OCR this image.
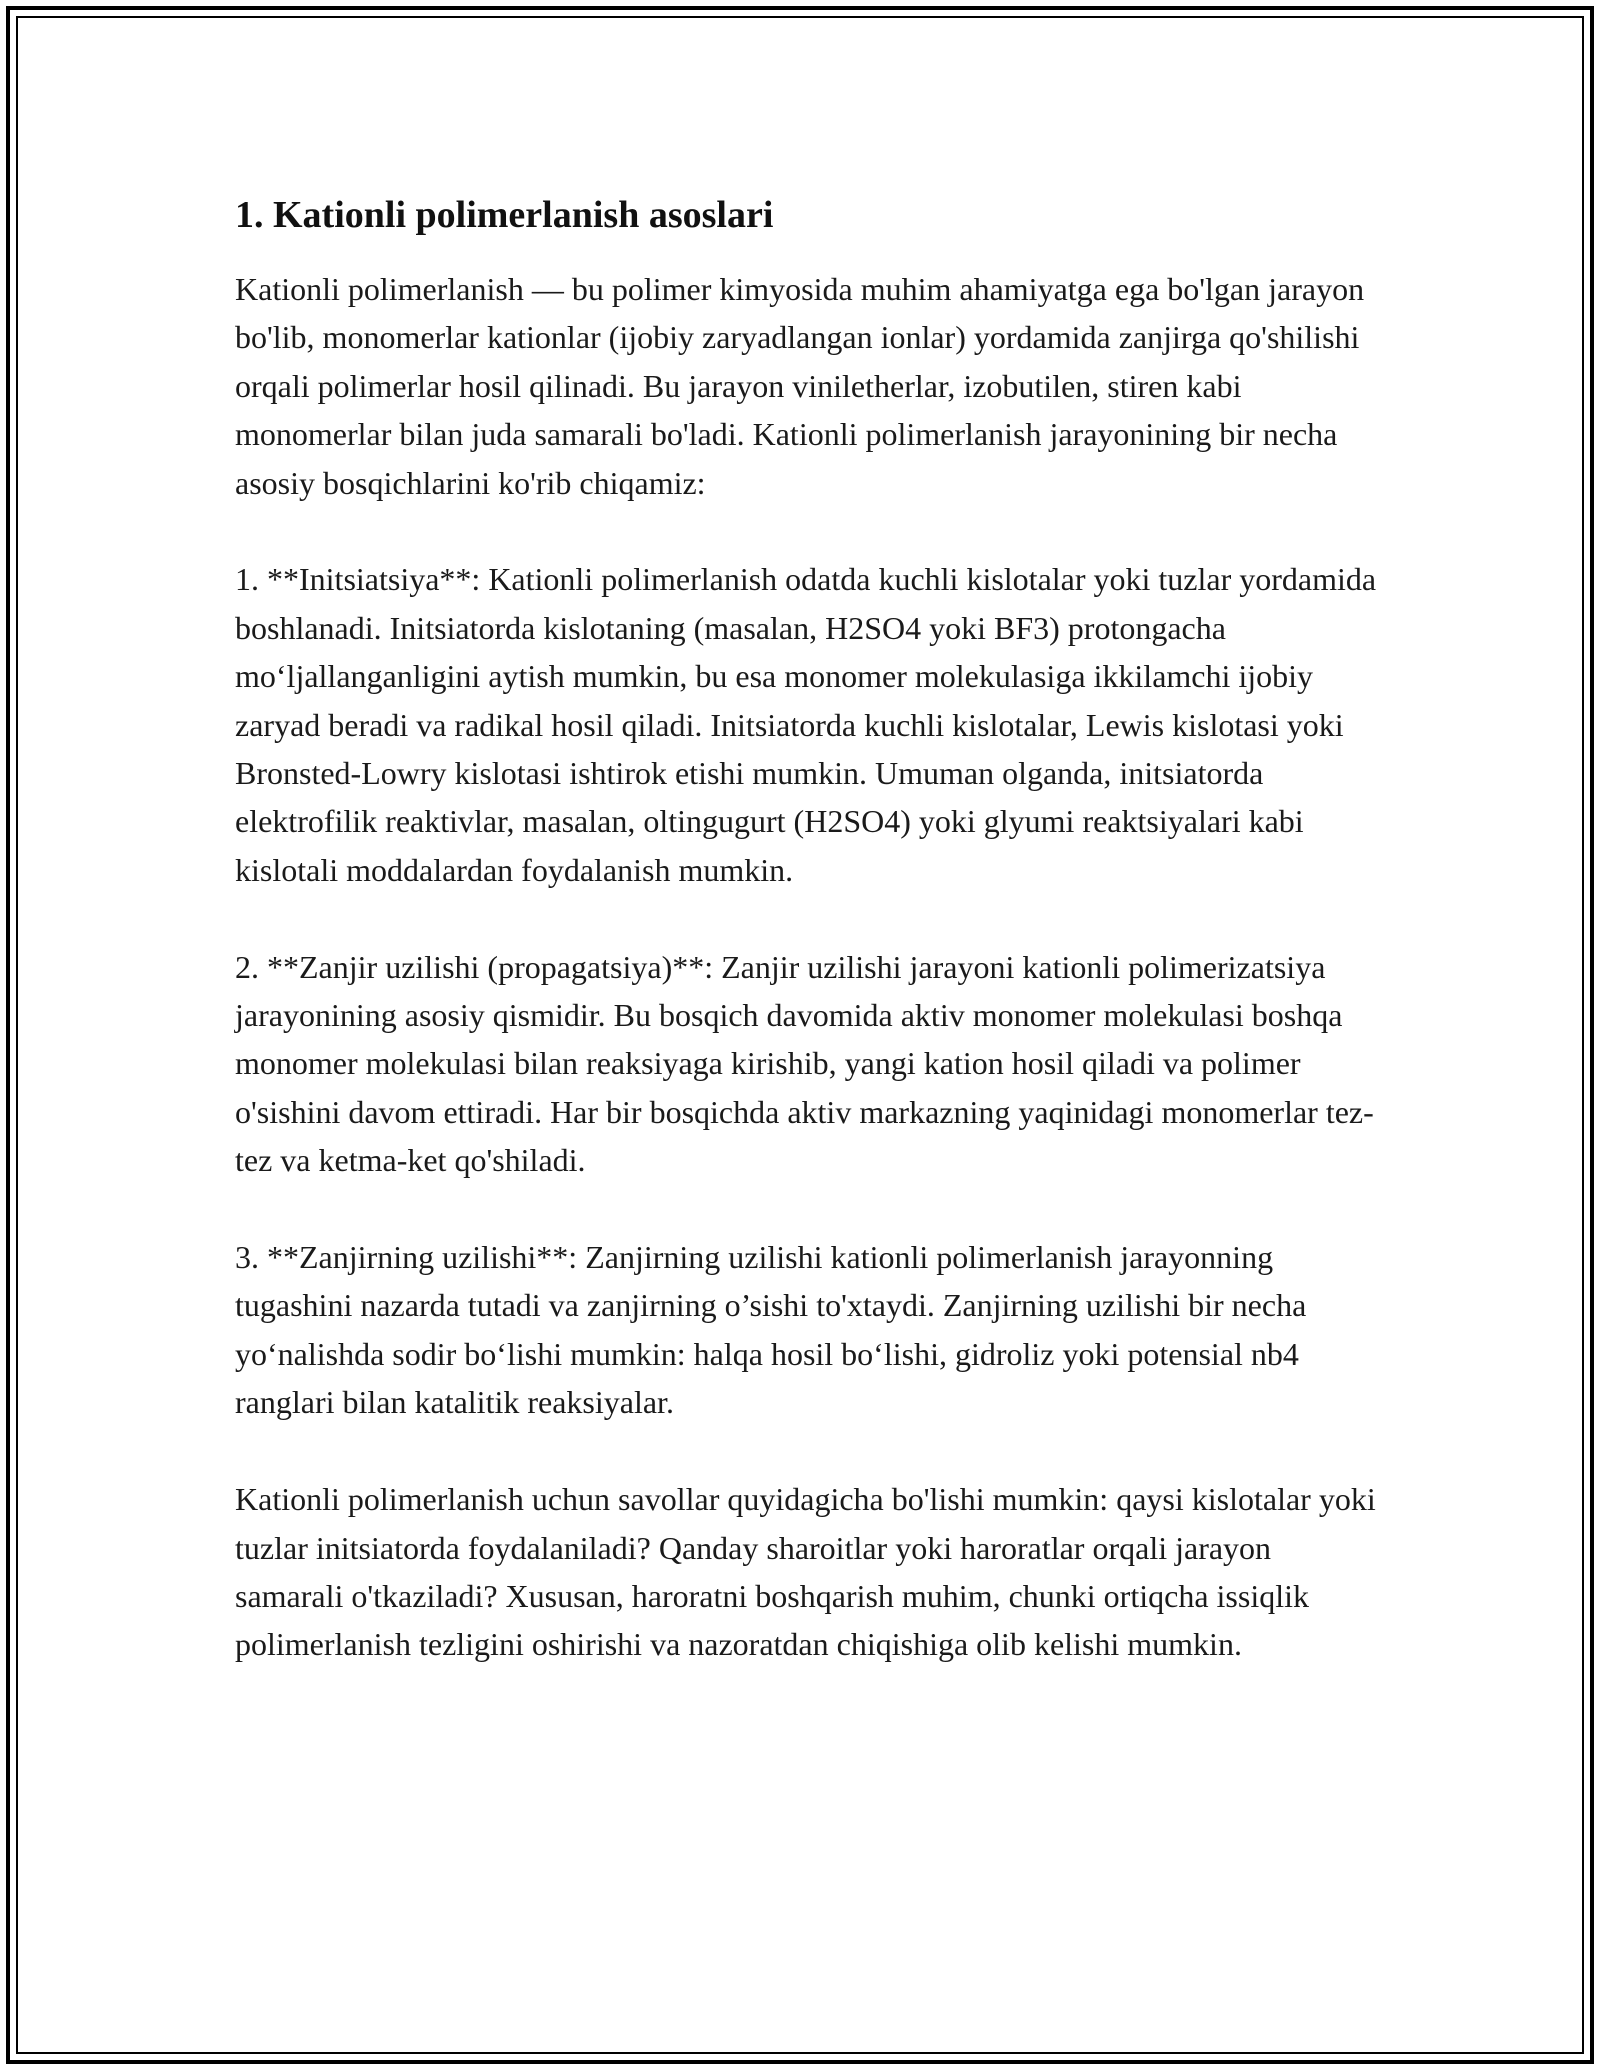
1. Kationli polimerlanish asoslari

Kationli polimerlanish — bu polimer kimyosida muhim ahamiyatga ega bo'lgan jarayon bo'lib, monomerlar kationlar (ijobiy zaryadlangan ionlar) yordamida zanjirga qo'shilishi orqali polimerlar hosil qilinadi. Bu jarayon viniletherlar, izobutilen, stiren kabi monomerlar bilan juda samarali bo'ladi. Kationli polimerlanish jarayonining bir necha asosiy bosqichlarini ko'rib chiqamiz:

1. **Initsiatsiya**: Kationli polimerlanish odatda kuchli kislotalar yoki tuzlar yordamida boshlanadi. Initsiatorda kislotaning (masalan, H2SO4 yoki BF3) protongacha mo‘ljallanganligini aytish mumkin, bu esa monomer molekulasiga ikkilamchi ijobiy zaryad beradi va radikal hosil qiladi. Initsiatorda kuchli kislotalar, Lewis kislotasi yoki Bronsted-Lowry kislotasi ishtirok etishi mumkin. Umuman olganda, initsiatorda elektrofilik reaktivlar, masalan, oltingugurt (H2SO4) yoki glyumi reaktsiyalari kabi kislotali moddalardan foydalanish mumkin.

2. **Zanjir uzilishi (propagatsiya)**: Zanjir uzilishi jarayoni kationli polimerizatsiya jarayonining asosiy qismidir. Bu bosqich davomida aktiv monomer molekulasi boshqa monomer molekulasi bilan reaksiyaga kirishib, yangi kation hosil qiladi va polimer o'sishini davom ettiradi. Har bir bosqichda aktiv markazning yaqinidagi monomerlar tez-tez va ketma-ket qo'shiladi.

3. **Zanjirning uzilishi**: Zanjirning uzilishi kationli polimerlanish jarayonning tugashini nazarda tutadi va zanjirning o’sishi to'xtaydi. Zanjirning uzilishi bir necha yo‘nalishda sodir bo‘lishi mumkin: halqa hosil bo‘lishi, gidroliz yoki potensial nb4 ranglari bilan katalitik reaksiyalar.

Kationli polimerlanish uchun savollar quyidagicha bo'lishi mumkin: qaysi kislotalar yoki tuzlar initsiatorda foydalaniladi? Qanday sharoitlar yoki haroratlar orqali jarayon samarali o'tkaziladi? Xususan, haroratni boshqarish muhim, chunki ortiqcha issiqlik polimerlanish tezligini oshirishi va nazoratdan chiqishiga olib kelishi mumkin.
